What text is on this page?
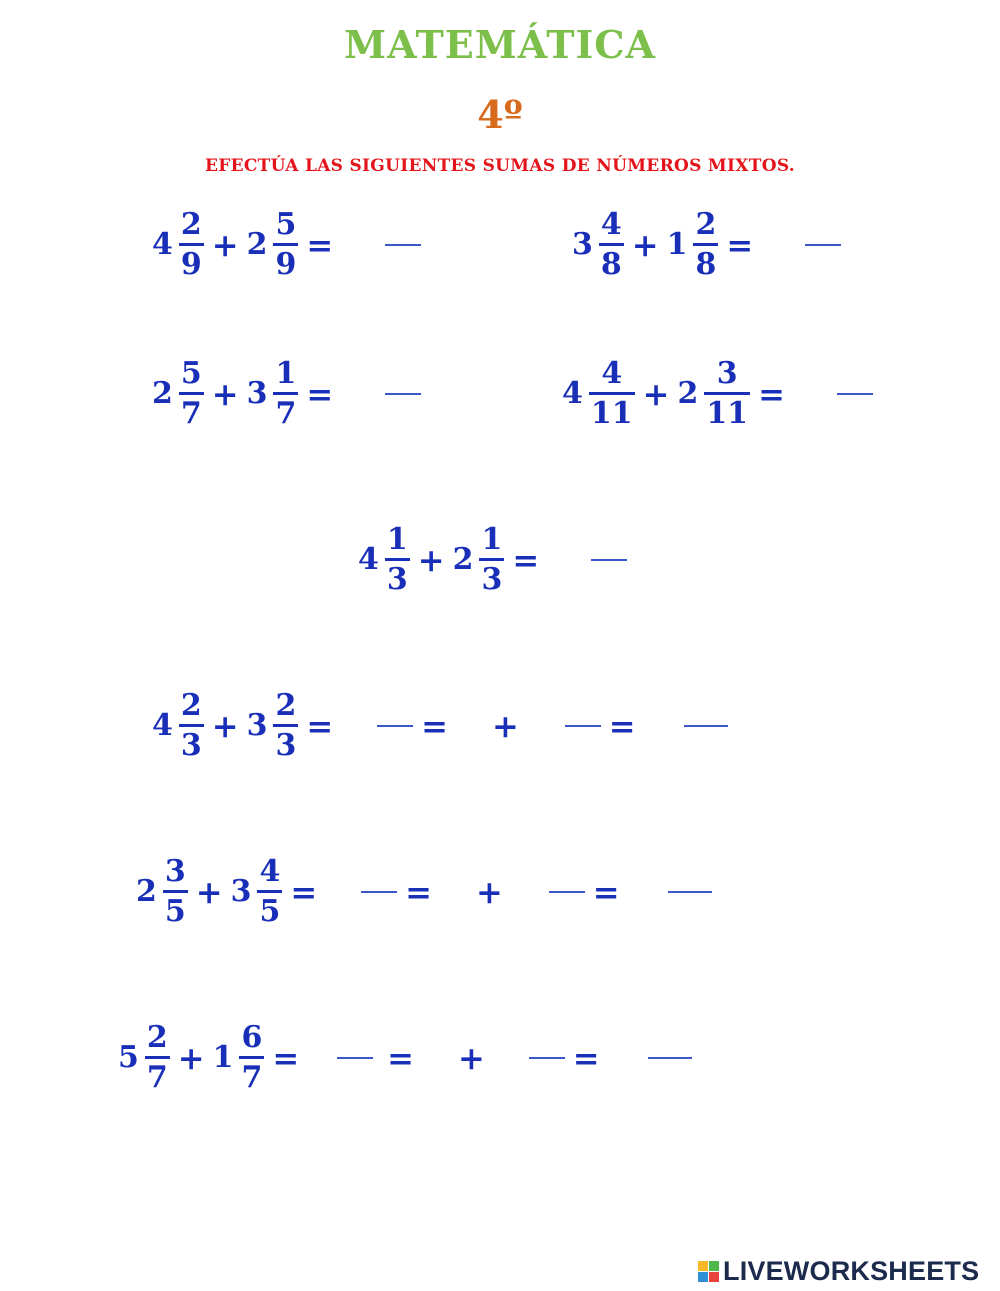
MATEMÁTICA
4º
EFECTÚA LAS SIGUIENTES SUMAS DE NÚMEROS MIXTOS.
$4 \frac{2}{9} + 2 \frac{5}{9}$ =	$3 \frac{4}{8} + 1 \frac{2}{8}$ =
$2 \frac{5}{7} + 3 \frac{1}{7}$ =	$4 \frac{4}{11} + 2 \frac{3}{11}$ =
$4 \frac{1}{3} + 2 \frac{1}{3}$ =
$4 \frac{2}{3} + 3 \frac{2}{3}$ =	= +	=
$2 \frac{3}{5} + 3 \frac{4}{5}$ =	= +	=
$5 \frac{2}{7} + 1 \frac{6}{7}$ =	= +	=
LIVEWORKSHEETS
